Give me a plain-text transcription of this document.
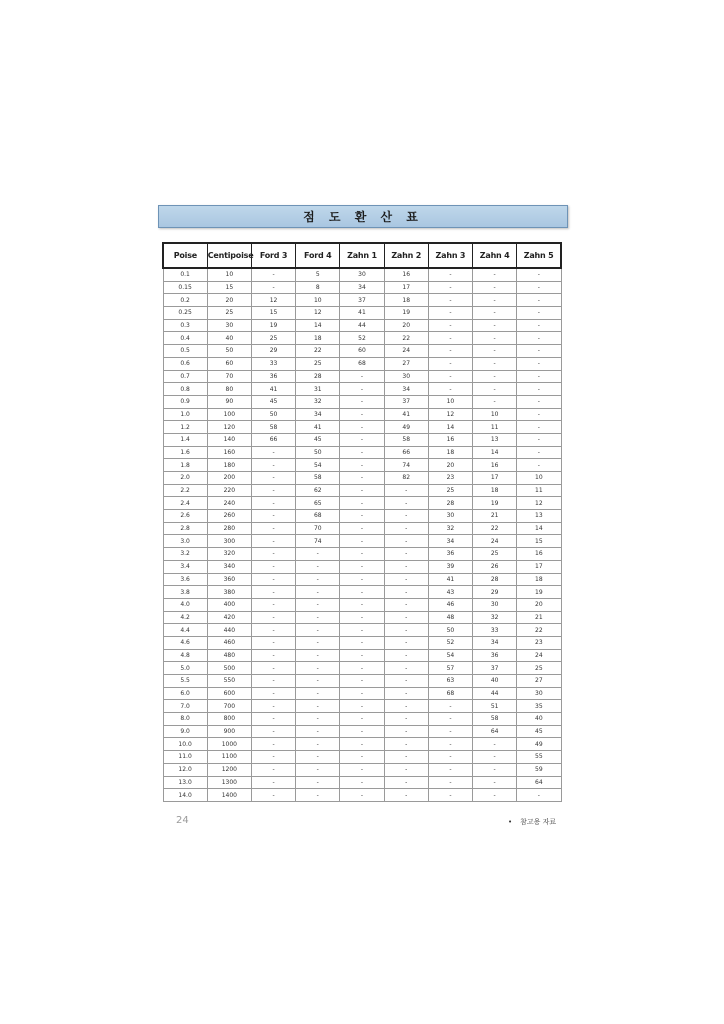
점 도 환 산 표
Poise	Centipoise	Ford 3	Ford 4	Zahn 1	Zahn 2	Zahn 3	Zahn 4	Zahn 5
0.1	10	-	5	30	16	-	-	-
0.15	15	-	8	34	17	-	-	-
0.2	20	12	10	37	18	-	-	-
0.25	25	15	12	41	19	-	-	-
0.3	30	19	14	44	20	-	-	-
0.4	40	25	18	52	22	-	-	-
0.5	50	29	22	60	24	-	-	-
0.6	60	33	25	68	27	-	-	-
0.7	70	36	28	-	30	-	-	-
0.8	80	41	31	-	34	-	-	-
0.9	90	45	32	-	37	10	-	-
1.0	100	50	34	-	41	12	10	-
1.2	120	58	41	-	49	14	11	-
1.4	140	66	45	-	58	16	13	-
1.6	160	-	50	-	66	18	14	-
1.8	180	-	54	-	74	20	16	-
2.0	200	-	58	-	82	23	17	10
2.2	220	-	62	-	-	25	18	11
2.4	240	-	65	-	-	28	19	12
2.6	260	-	68	-	-	30	21	13
2.8	280	-	70	-	-	32	22	14
3.0	300	-	74	-	-	34	24	15
3.2	320	-	-	-	-	36	25	16
3.4	340	-	-	-	-	39	26	17
3.6	360	-	-	-	-	41	28	18
3.8	380	-	-	-	-	43	29	19
4.0	400	-	-	-	-	46	30	20
4.2	420	-	-	-	-	48	32	21
4.4	440	-	-	-	-	50	33	22
4.6	460	-	-	-	-	52	34	23
4.8	480	-	-	-	-	54	36	24
5.0	500	-	-	-	-	57	37	25
5.5	550	-	-	-	-	63	40	27
6.0	600	-	-	-	-	68	44	30
7.0	700	-	-	-	-	-	51	35
8.0	800	-	-	-	-	-	58	40
9.0	900	-	-	-	-	-	64	45
10.0	1000	-	-	-	-	-	-	49
11.0	1100	-	-	-	-	-	-	55
12.0	1200	-	-	-	-	-	-	59
13.0	1300	-	-	-	-	-	-	64
14.0	1400	-	-	-	-	-	-	-
24	• 참고용 자료
